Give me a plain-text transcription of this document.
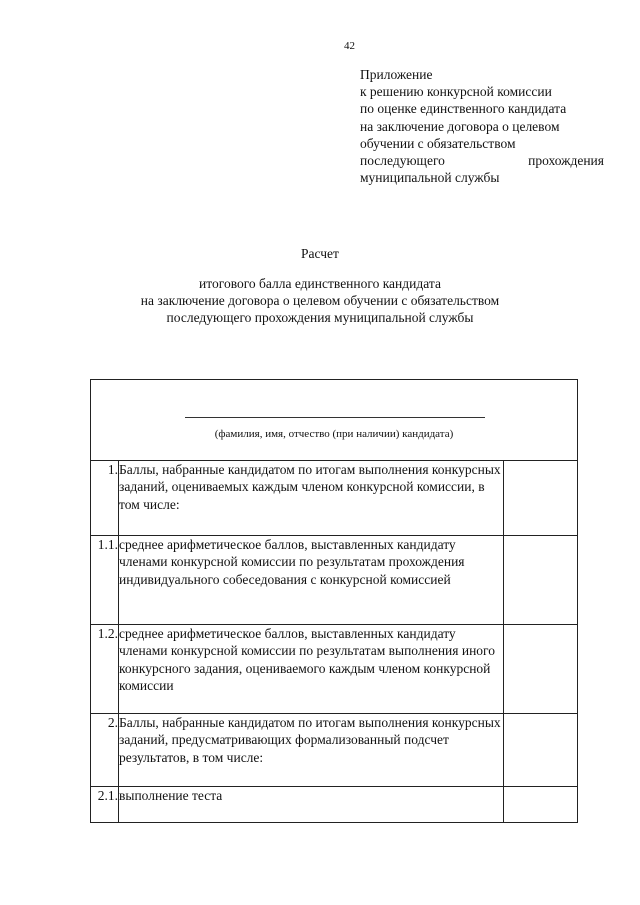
42
Приложение
к решению конкурсной комиссии
по оценке единственного кандидата
на заключение договора о целевом
обучении с обязательством
последующего	прохождения
муниципальной службы
Расчет
итогового балла единственного кандидата
на заключение договора о целевом обучении с обязательством
последующего прохождения муниципальной службы
(фамилия, имя, отчество (при наличии) кандидата)		

1.	Баллы, набранные кандидатом по итогам выполнения конкурсных заданий, оцениваемых каждым членом конкурсной комиссии, в том числе:	
1.1.	среднее арифметическое баллов, выставленных кандидату членами конкурсной комиссии по результатам прохождения индивидуального собеседования с конкурсной комиссией	
1.2.	среднее арифметическое баллов, выставленных кандидату членами конкурсной комиссии по результатам выполнения иного конкурсного задания, оцениваемого каждым членом конкурсной комиссии	
2.	Баллы, набранные кандидатом по итогам выполнения конкурсных заданий, предусматривающих формализованный подсчет результатов, в том числе:	
2.1.	выполнение теста	
